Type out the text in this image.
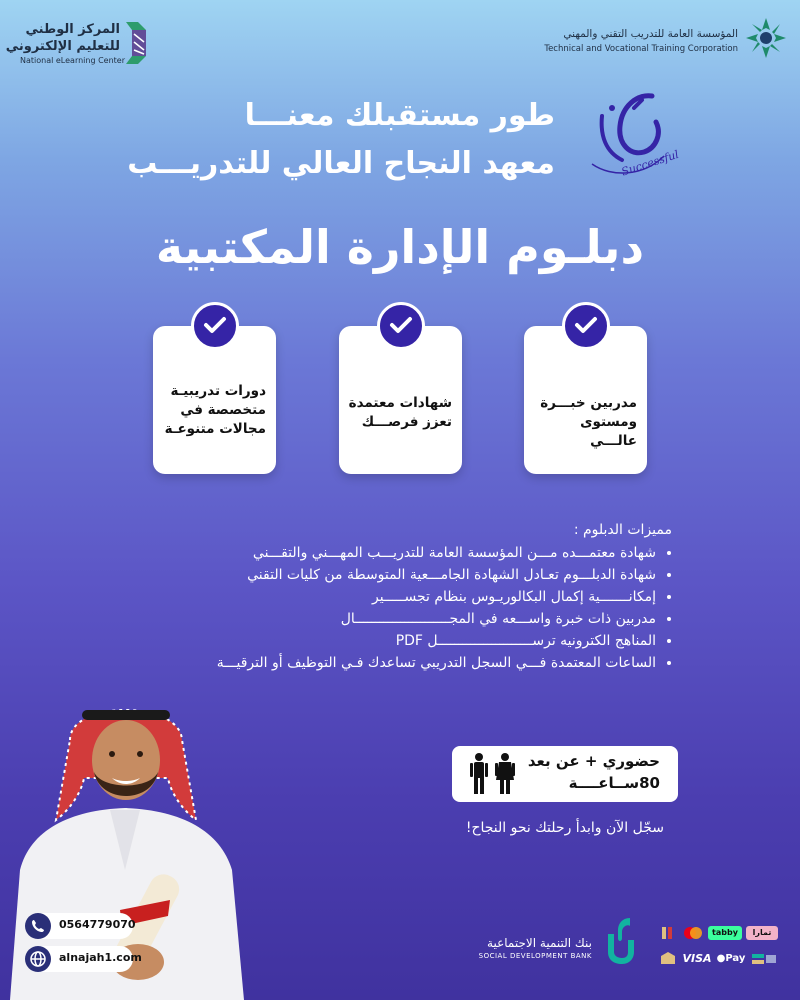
المركز الوطني
للتعليم الإلكتروني
National eLearning Center
المؤسسة العامة للتدريب التقني والمهني
Technical and Vocational Training Corporation
طور مستقبلك معنـــا
معهد النجاح العالي للتدريـــب	Successful
دبلـوم الإدارة المكتبية
مدربين خبـــرة
ومستوى عالـــي
شهادات معتمدة
تعزز فرصـــك
دورات تدريبيـة
متخصصة في
مجالات متنوعـة

مميزات الدبلوم :

• شهادة معتمـــده مـــن المؤسسة العامة للتدريـــب المهـــني والتقـــني
• شهادة الدبلـــوم تعـادل الشهادة الجامـــعية المتوسطة من كليات التقني
• إمكانـــــــية إكمال البكالوريـوس بنظام تجســـــير
• مدربين ذات خبرة واســـعه في المجـــــــــــــــــــــــال
• المناهج الكترونيه ترســـــــــــــــــــــــل PDF
• الساعات المعتمدة فـــي السجل التدريبي تساعدك فـي التوظيف أو الترقيـــة
حضوري + عن بعد
80ســاعــــة
سجّل الآن وابدأ رحلتك نحو النجاح!
0564779070
alnajah1.com
بنك التنمية الاجتماعية
SOCIAL DEVELOPMENT BANK
tabby	تمارا
VISA ●Pay
